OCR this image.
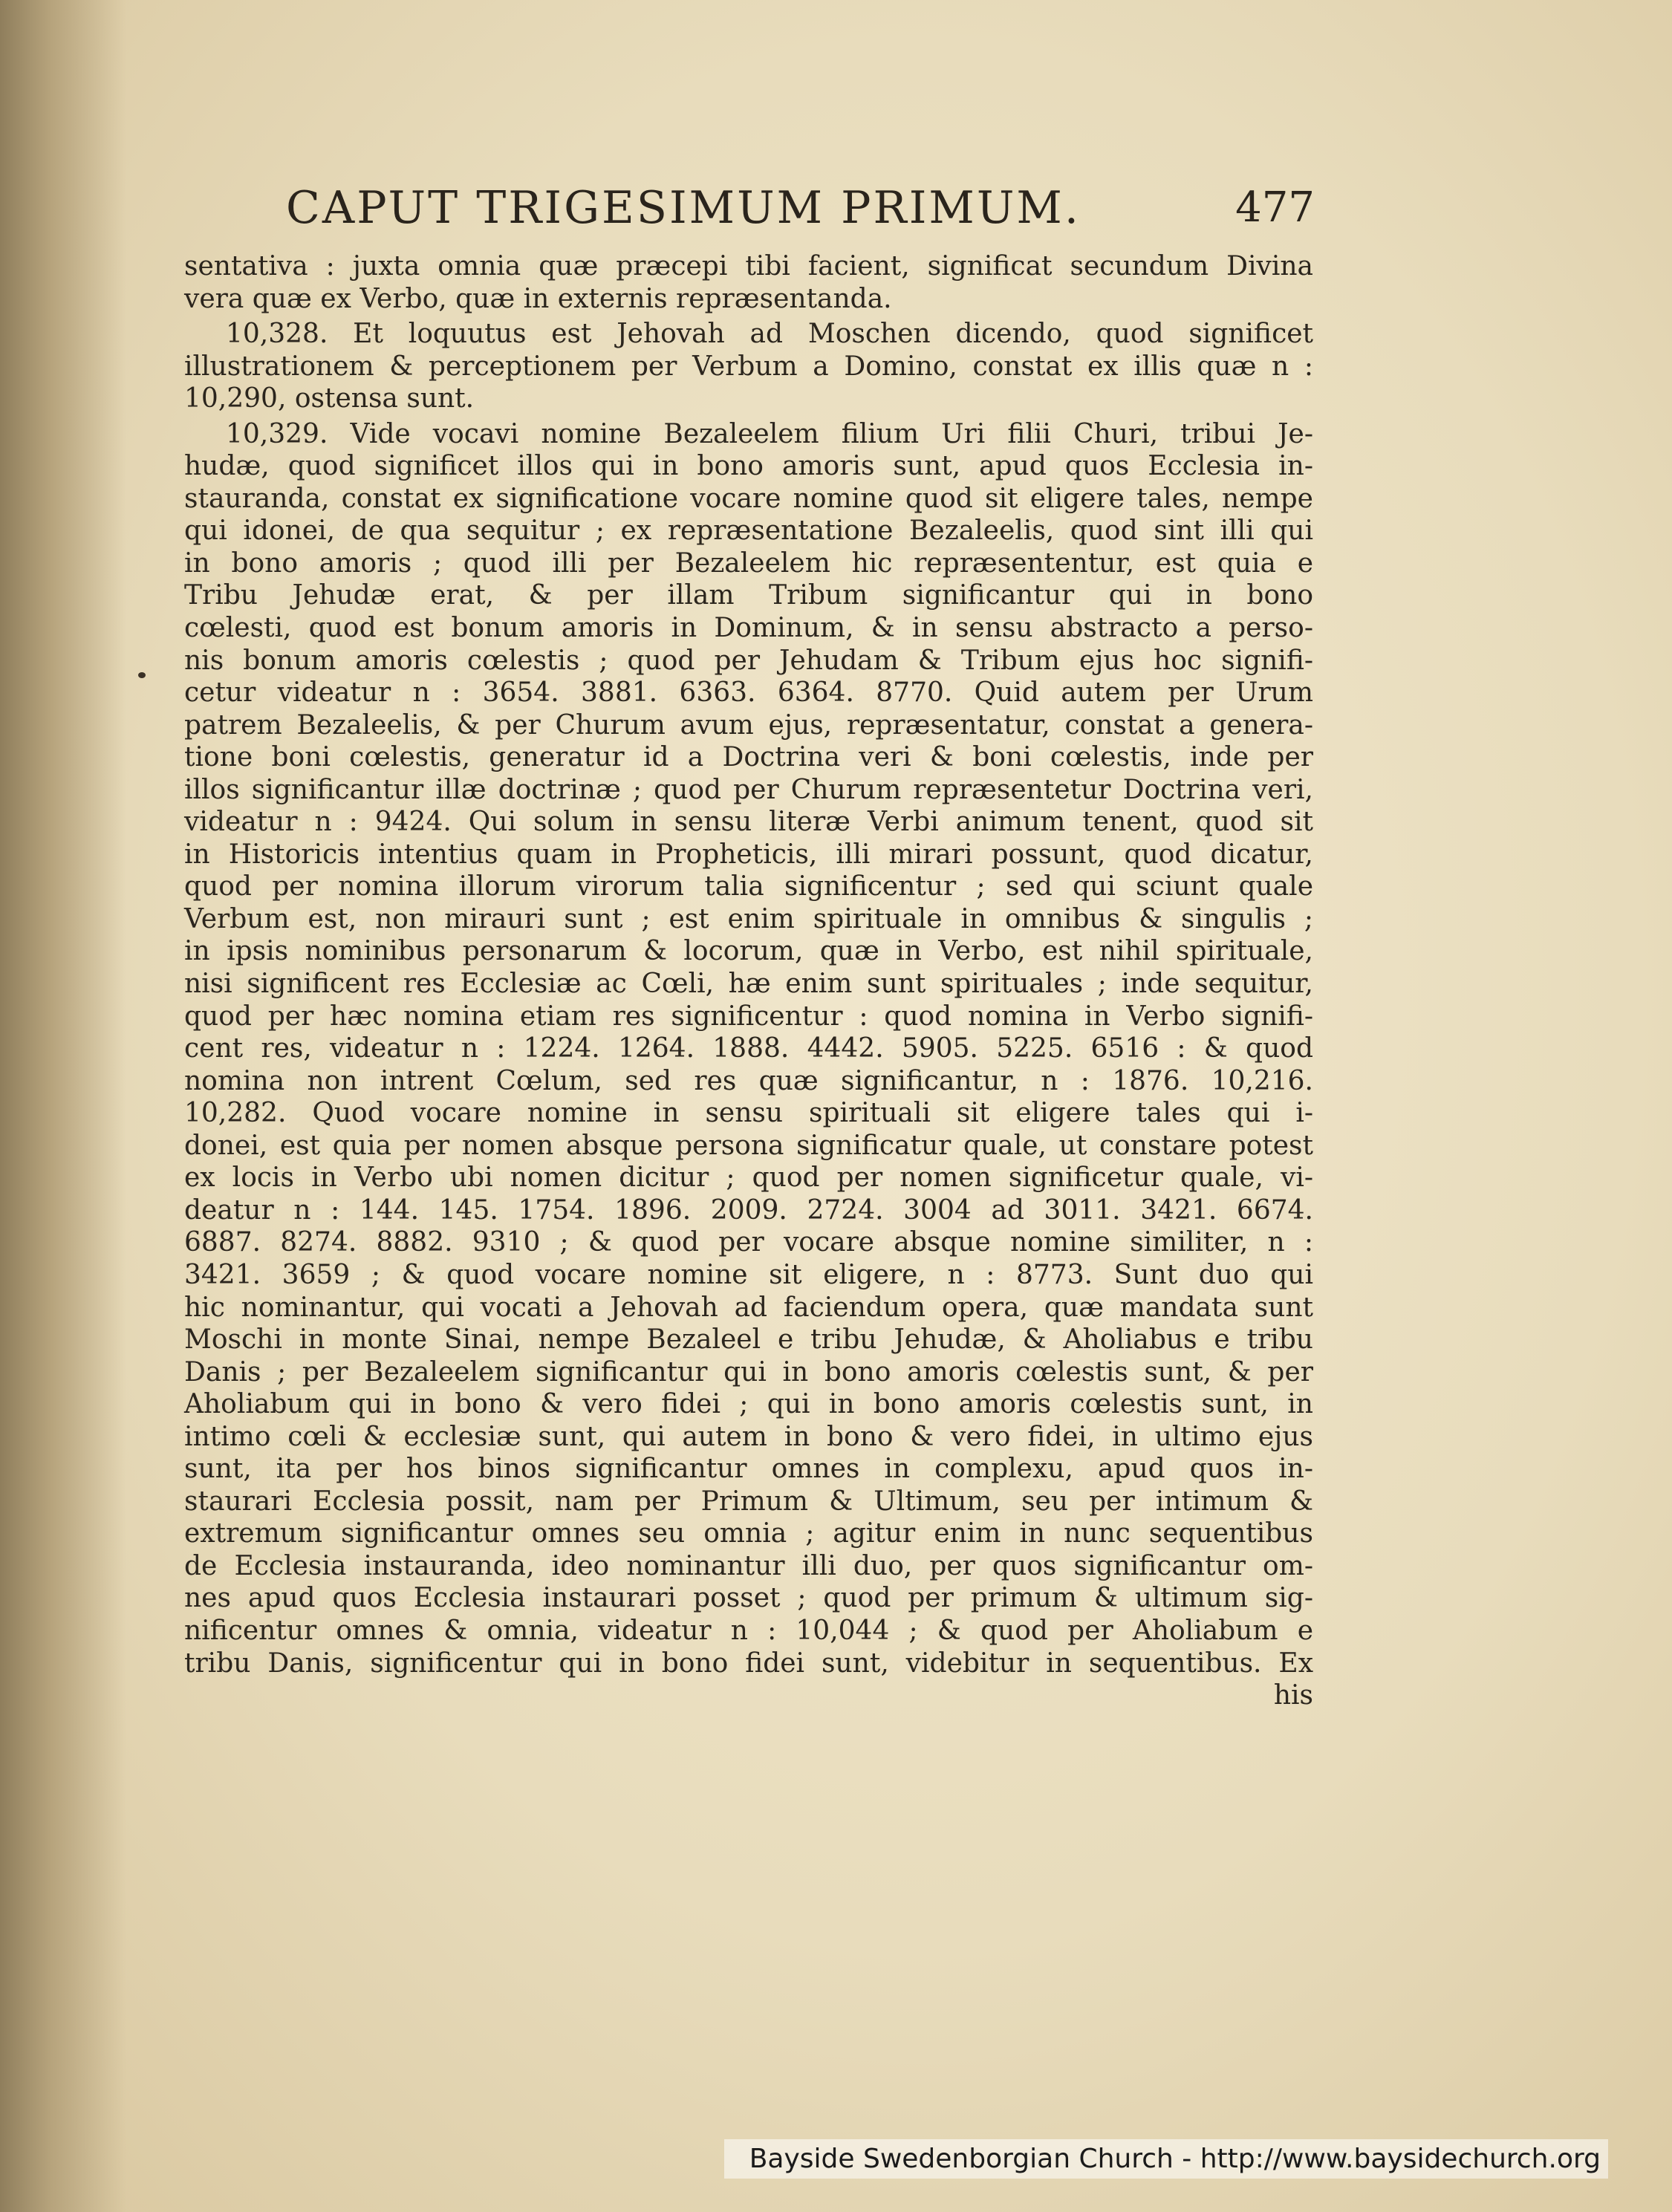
CAPUT TRIGESIMUM PRIMUM.	477
sentativa : juxta omnia quæ præcepi tibi facient, significat secundum Divina
vera quæ ex Verbo, quæ in externis repræsentanda.
10,328. Et loquutus est Jehovah ad Moschen dicendo, quod significet
illustrationem & perceptionem per Verbum a Domino, constat ex illis quæ n :
10,290, ostensa sunt.
10,329. Vide vocavi nomine Bezaleelem filium Uri filii Churi, tribui Je-
hudæ, quod significet illos qui in bono amoris sunt, apud quos Ecclesia in-
stauranda, constat ex significatione vocare nomine quod sit eligere tales, nempe
qui idonei, de qua sequitur ; ex repræsentatione Bezaleelis, quod sint illi qui
in bono amoris ; quod illi per Bezaleelem hic repræsententur, est quia e
Tribu Jehudæ erat, & per illam Tribum significantur qui in bono
cœlesti, quod est bonum amoris in Dominum, & in sensu abstracto a perso-
nis bonum amoris cœlestis ; quod per Jehudam & Tribum ejus hoc signifi-
cetur videatur n : 3654. 3881. 6363. 6364. 8770. Quid autem per Urum
patrem Bezaleelis, & per Churum avum ejus, repræsentatur, constat a genera-
tione boni cœlestis, generatur id a Doctrina veri & boni cœlestis, inde per
illos significantur illæ doctrinæ ; quod per Churum repræsentetur Doctrina veri,
videatur n : 9424. Qui solum in sensu literæ Verbi animum tenent, quod sit
in Historicis intentius quam in Propheticis, illi mirari possunt, quod dicatur,
quod per nomina illorum virorum talia significentur ; sed qui sciunt quale
Verbum est, non mirauri sunt ; est enim spirituale in omnibus & singulis ;
in ipsis nominibus personarum & locorum, quæ in Verbo, est nihil spirituale,
nisi significent res Ecclesiæ ac Cœli, hæ enim sunt spirituales ; inde sequitur,
quod per hæc nomina etiam res significentur : quod nomina in Verbo signifi-
cent res, videatur n : 1224. 1264. 1888. 4442. 5905. 5225. 6516 : & quod
nomina non intrent Cœlum, sed res quæ significantur, n : 1876. 10,216.
10,282. Quod vocare nomine in sensu spirituali sit eligere tales qui i-
donei, est quia per nomen absque persona significatur quale, ut constare potest
ex locis in Verbo ubi nomen dicitur ; quod per nomen significetur quale, vi-
deatur n : 144. 145. 1754. 1896. 2009. 2724. 3004 ad 3011. 3421. 6674.
6887. 8274. 8882. 9310 ; & quod per vocare absque nomine similiter, n :
3421. 3659 ; & quod vocare nomine sit eligere, n : 8773. Sunt duo qui
hic nominantur, qui vocati a Jehovah ad faciendum opera, quæ mandata sunt
Moschi in monte Sinai, nempe Bezaleel e tribu Jehudæ, & Aholiabus e tribu
Danis ; per Bezaleelem significantur qui in bono amoris cœlestis sunt, & per
Aholiabum qui in bono & vero fidei ; qui in bono amoris cœlestis sunt, in
intimo cœli & ecclesiæ sunt, qui autem in bono & vero fidei, in ultimo ejus
sunt, ita per hos binos significantur omnes in complexu, apud quos in-
staurari Ecclesia possit, nam per Primum & Ultimum, seu per intimum &
extremum significantur omnes seu omnia ; agitur enim in nunc sequentibus
de Ecclesia instauranda, ideo nominantur illi duo, per quos significantur om-
nes apud quos Ecclesia instaurari posset ; quod per primum & ultimum sig-
nificentur omnes & omnia, videatur n : 10,044 ; & quod per Aholiabum e
tribu Danis, significentur qui in bono fidei sunt, videbitur in sequentibus. Ex
his
Bayside Swedenborgian Church - http://www.baysidechurch.org
